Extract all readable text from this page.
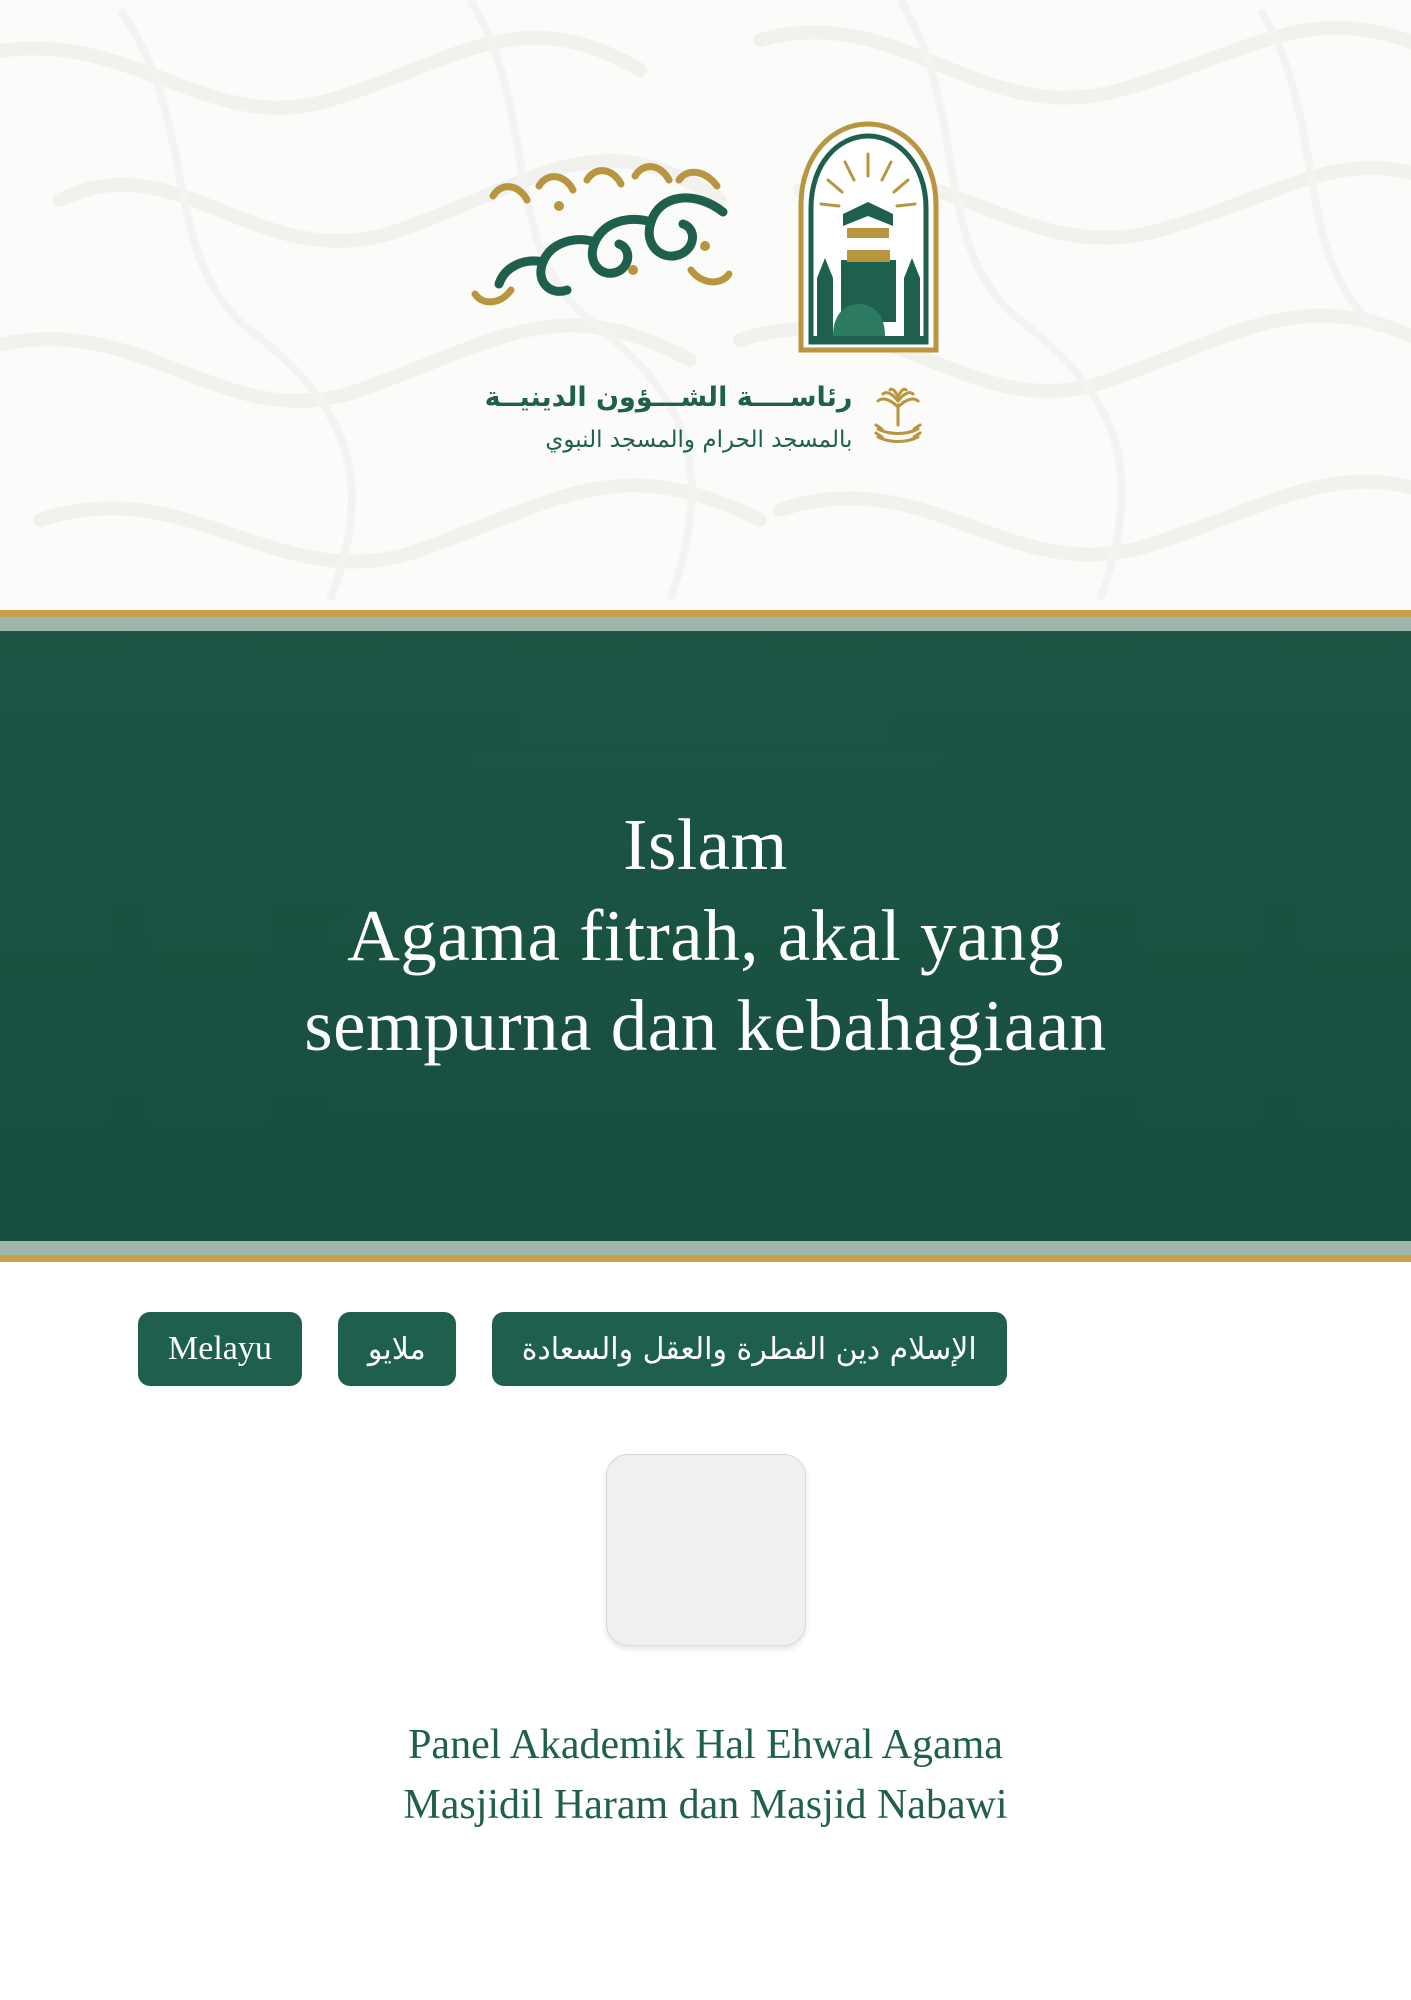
رئاســــة الشـــؤون الدينيــة
بالمسجد الحرام والمسجد النبوي
Islam
Agama fitrah, akal yang
sempurna dan kebahagiaan
Melayu	ملايو	الإسلام دين الفطرة والعقل والسعادة
Panel Akademik Hal Ehwal Agama
Masjidil Haram dan Masjid Nabawi
